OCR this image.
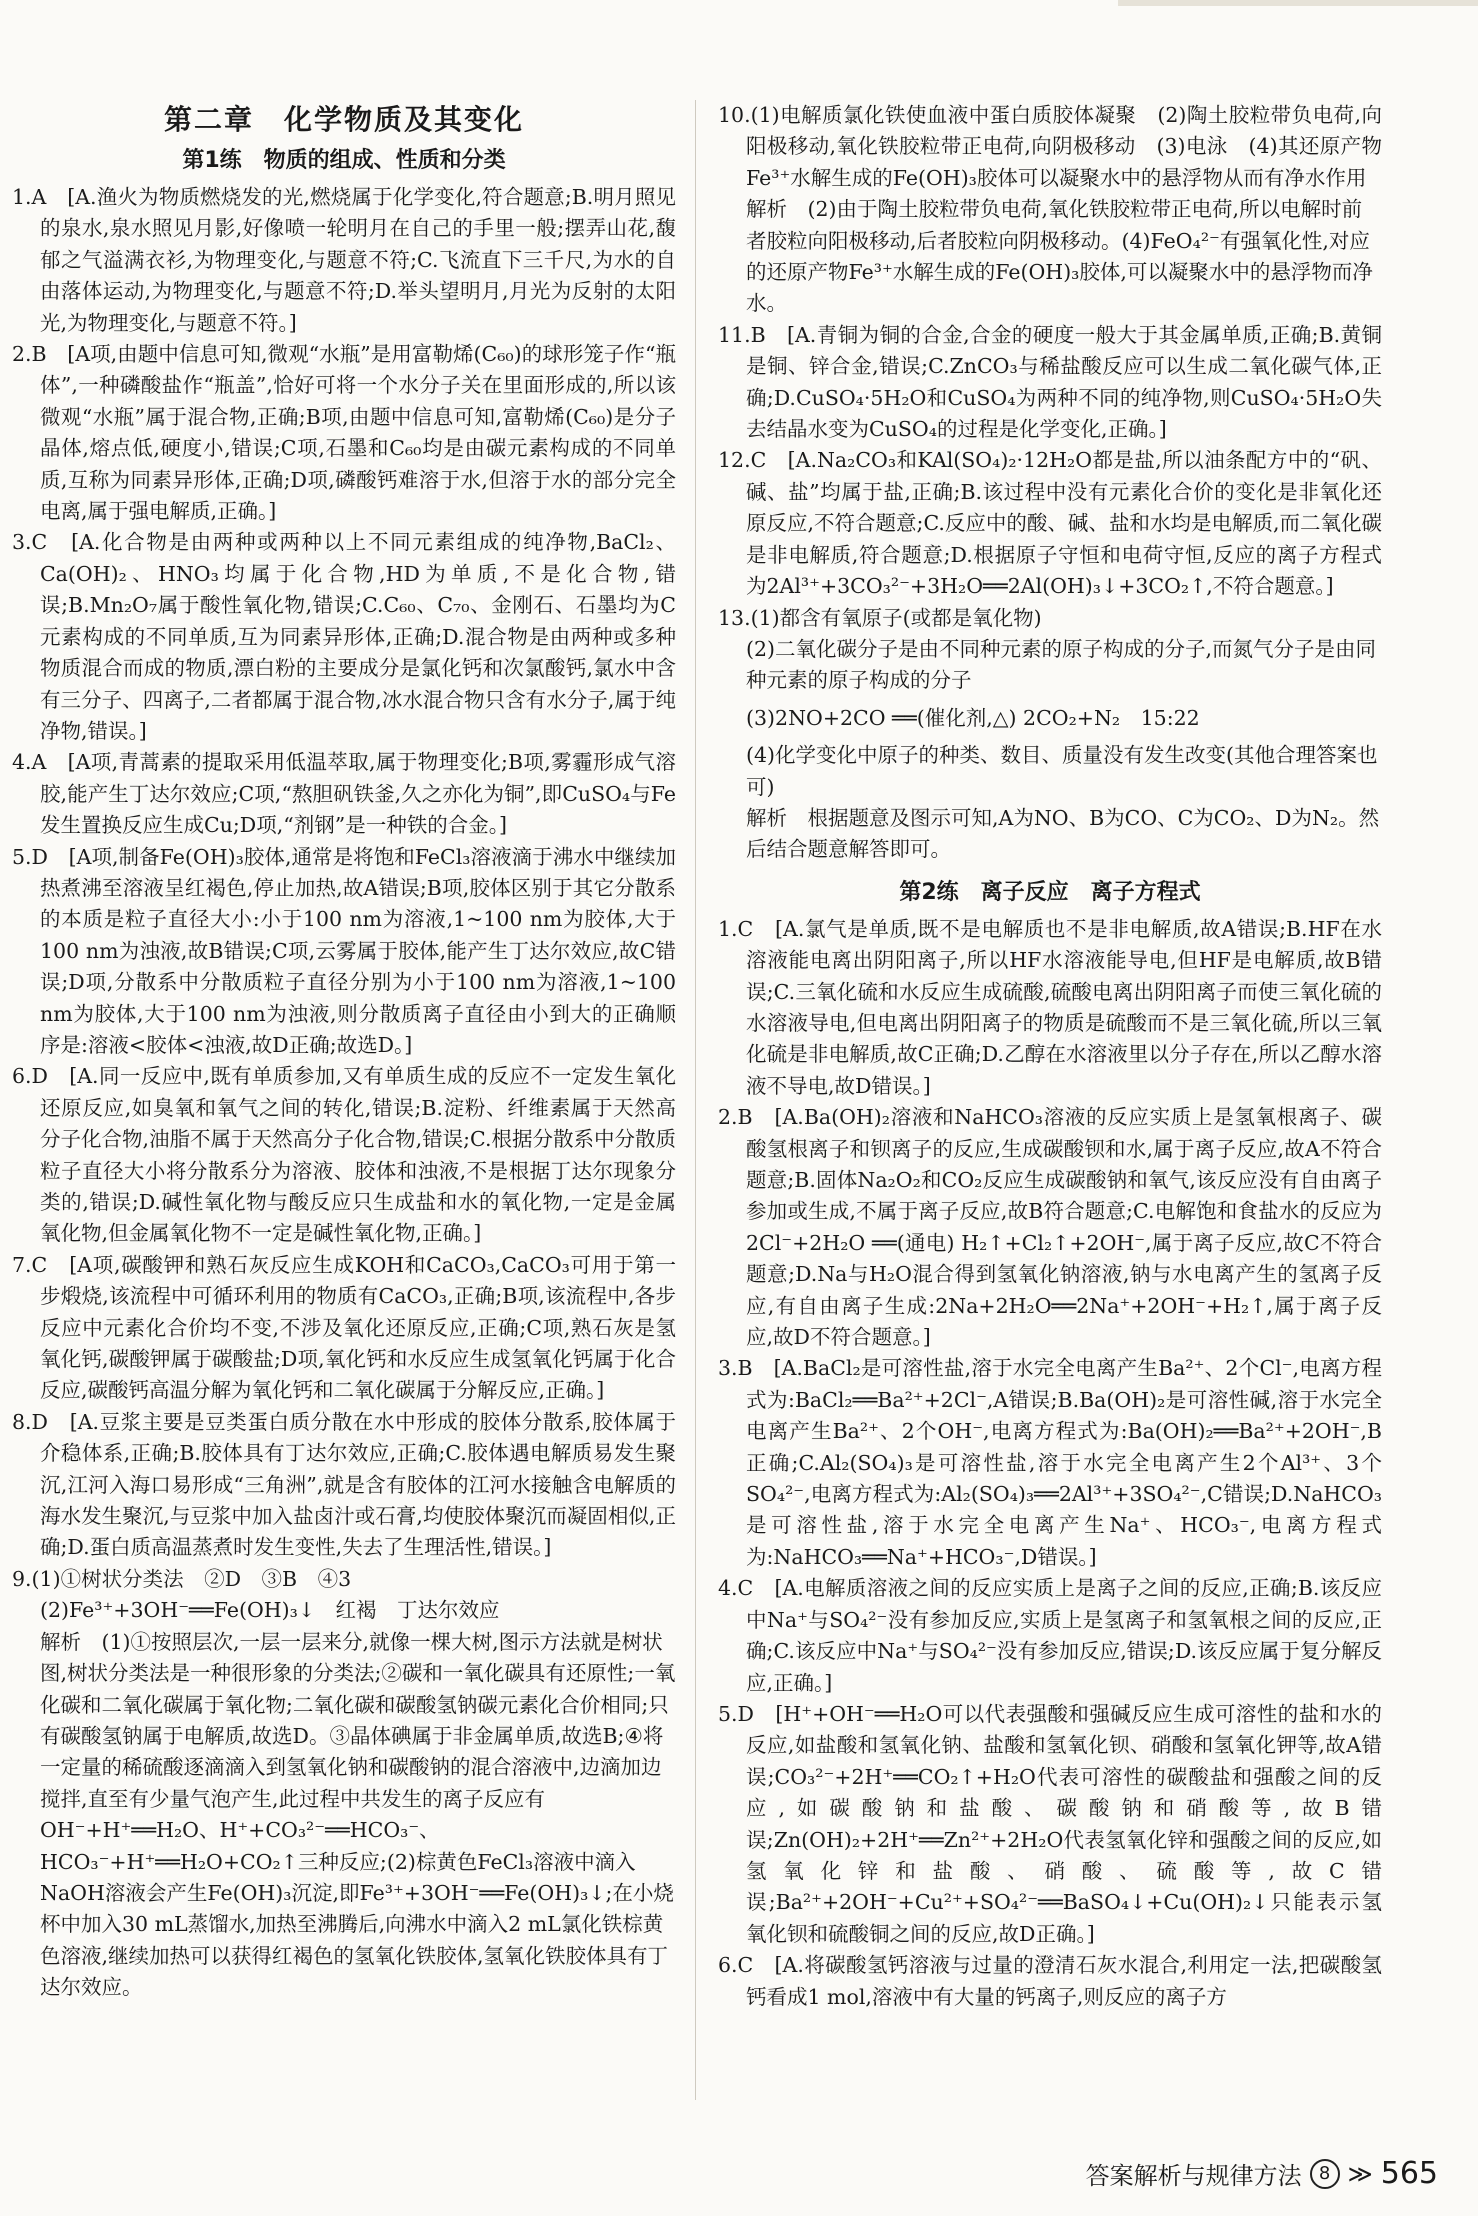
第二章　化学物质及其变化
第1练　物质的组成、性质和分类

1.A　[A.渔火为物质燃烧发的光,燃烧属于化学变化,符合题意;B.明月照见的泉水,泉水照见月影,好像喷一轮明月在自己的手里一般;摆弄山花,馥郁之气溢满衣衫,为物理变化,与题意不符;C.飞流直下三千尺,为水的自由落体运动,为物理变化,与题意不符;D.举头望明月,月光为反射的太阳光,为物理变化,与题意不符。]

2.B　[A项,由题中信息可知,微观“水瓶”是用富勒烯(C₆₀)的球形笼子作“瓶体”,一种磷酸盐作“瓶盖”,恰好可将一个水分子关在里面形成的,所以该微观“水瓶”属于混合物,正确;B项,由题中信息可知,富勒烯(C₆₀)是分子晶体,熔点低,硬度小,错误;C项,石墨和C₆₀均是由碳元素构成的不同单质,互称为同素异形体,正确;D项,磷酸钙难溶于水,但溶于水的部分完全电离,属于强电解质,正确。]

3.C　[A.化合物是由两种或两种以上不同元素组成的纯净物,BaCl₂、Ca(OH)₂、HNO₃均属于化合物,HD为单质,不是化合物,错误;B.Mn₂O₇属于酸性氧化物,错误;C.C₆₀、C₇₀、金刚石、石墨均为C元素构成的不同单质,互为同素异形体,正确;D.混合物是由两种或多种物质混合而成的物质,漂白粉的主要成分是氯化钙和次氯酸钙,氯水中含有三分子、四离子,二者都属于混合物,冰水混合物只含有水分子,属于纯净物,错误。]

4.A　[A项,青蒿素的提取采用低温萃取,属于物理变化;B项,雾霾形成气溶胶,能产生丁达尔效应;C项,“熬胆矾铁釜,久之亦化为铜”,即CuSO₄与Fe发生置换反应生成Cu;D项,“剂钢”是一种铁的合金。]

5.D　[A项,制备Fe(OH)₃胶体,通常是将饱和FeCl₃溶液滴于沸水中继续加热煮沸至溶液呈红褐色,停止加热,故A错误;B项,胶体区别于其它分散系的本质是粒子直径大小:小于100 nm为溶液,1~100 nm为胶体,大于100 nm为浊液,故B错误;C项,云雾属于胶体,能产生丁达尔效应,故C错误;D项,分散系中分散质粒子直径分别为小于100 nm为溶液,1~100 nm为胶体,大于100 nm为浊液,则分散质离子直径由小到大的正确顺序是:溶液<胶体<浊液,故D正确;故选D。]

6.D　[A.同一反应中,既有单质参加,又有单质生成的反应不一定发生氧化还原反应,如臭氧和氧气之间的转化,错误;B.淀粉、纤维素属于天然高分子化合物,油脂不属于天然高分子化合物,错误;C.根据分散系中分散质粒子直径大小将分散系分为溶液、胶体和浊液,不是根据丁达尔现象分类的,错误;D.碱性氧化物与酸反应只生成盐和水的氧化物,一定是金属氧化物,但金属氧化物不一定是碱性氧化物,正确。]

7.C　[A项,碳酸钾和熟石灰反应生成KOH和CaCO₃,CaCO₃可用于第一步煅烧,该流程中可循环利用的物质有CaCO₃,正确;B项,该流程中,各步反应中元素化合价均不变,不涉及氧化还原反应,正确;C项,熟石灰是氢氧化钙,碳酸钾属于碳酸盐;D项,氧化钙和水反应生成氢氧化钙属于化合反应,碳酸钙高温分解为氧化钙和二氧化碳属于分解反应,正确。]

8.D　[A.豆浆主要是豆类蛋白质分散在水中形成的胶体分散系,胶体属于介稳体系,正确;B.胶体具有丁达尔效应,正确;C.胶体遇电解质易发生聚沉,江河入海口易形成“三角洲”,就是含有胶体的江河水接触含电解质的海水发生聚沉,与豆浆中加入盐卤汁或石膏,均使胶体聚沉而凝固相似,正确;D.蛋白质高温蒸煮时发生变性,失去了生理活性,错误。]

9.(1)①树状分类法　②D　③B　④3

(2)Fe³⁺+3OH⁻══Fe(OH)₃↓　红褐　丁达尔效应

解析　(1)①按照层次,一层一层来分,就像一棵大树,图示方法就是树状图,树状分类法是一种很形象的分类法;②碳和一氧化碳具有还原性;一氧化碳和二氧化碳属于氧化物;二氧化碳和碳酸氢钠碳元素化合价相同;只有碳酸氢钠属于电解质,故选D。③晶体碘属于非金属单质,故选B;④将一定量的稀硫酸逐滴滴入到氢氧化钠和碳酸钠的混合溶液中,边滴加边搅拌,直至有少量气泡产生,此过程中共发生的离子反应有OH⁻+H⁺══H₂O、H⁺+CO₃²⁻══HCO₃⁻、HCO₃⁻+H⁺══H₂O+CO₂↑三种反应;(2)棕黄色FeCl₃溶液中滴入NaOH溶液会产生Fe(OH)₃沉淀,即Fe³⁺+3OH⁻══Fe(OH)₃↓;在小烧杯中加入30 mL蒸馏水,加热至沸腾后,向沸水中滴入2 mL氯化铁棕黄色溶液,继续加热可以获得红褐色的氢氧化铁胶体,氢氧化铁胶体具有丁达尔效应。

10.(1)电解质氯化铁使血液中蛋白质胶体凝聚　(2)陶土胶粒带负电荷,向阳极移动,氧化铁胶粒带正电荷,向阴极移动　(3)电泳　(4)其还原产物Fe³⁺水解生成的Fe(OH)₃胶体可以凝聚水中的悬浮物从而有净水作用

解析　(2)由于陶土胶粒带负电荷,氧化铁胶粒带正电荷,所以电解时前者胶粒向阳极移动,后者胶粒向阴极移动。(4)FeO₄²⁻有强氧化性,对应的还原产物Fe³⁺水解生成的Fe(OH)₃胶体,可以凝聚水中的悬浮物而净水。

11.B　[A.青铜为铜的合金,合金的硬度一般大于其金属单质,正确;B.黄铜是铜、锌合金,错误;C.ZnCO₃与稀盐酸反应可以生成二氧化碳气体,正确;D.CuSO₄·5H₂O和CuSO₄为两种不同的纯净物,则CuSO₄·5H₂O失去结晶水变为CuSO₄的过程是化学变化,正确。]

12.C　[A.Na₂CO₃和KAl(SO₄)₂·12H₂O都是盐,所以油条配方中的“矾、碱、盐”均属于盐,正确;B.该过程中没有元素化合价的变化是非氧化还原反应,不符合题意;C.反应中的酸、碱、盐和水均是电解质,而二氧化碳是非电解质,符合题意;D.根据原子守恒和电荷守恒,反应的离子方程式为2Al³⁺+3CO₃²⁻+3H₂O══2Al(OH)₃↓+3CO₂↑,不符合题意。]

13.(1)都含有氧原子(或都是氧化物)

(2)二氧化碳分子是由不同种元素的原子构成的分子,而氮气分子是由同种元素的原子构成的分子

(3)2NO+2CO ══(催化剂,△) 2CO₂+N₂　15:22

(4)化学变化中原子的种类、数目、质量没有发生改变(其他合理答案也可)

解析　根据题意及图示可知,A为NO、B为CO、C为CO₂、D为N₂。然后结合题意解答即可。

第2练　离子反应　离子方程式

1.C　[A.氯气是单质,既不是电解质也不是非电解质,故A错误;B.HF在水溶液能电离出阴阳离子,所以HF水溶液能导电,但HF是电解质,故B错误;C.三氧化硫和水反应生成硫酸,硫酸电离出阴阳离子而使三氧化硫的水溶液导电,但电离出阴阳离子的物质是硫酸而不是三氧化硫,所以三氧化硫是非电解质,故C正确;D.乙醇在水溶液里以分子存在,所以乙醇水溶液不导电,故D错误。]

2.B　[A.Ba(OH)₂溶液和NaHCO₃溶液的反应实质上是氢氧根离子、碳酸氢根离子和钡离子的反应,生成碳酸钡和水,属于离子反应,故A不符合题意;B.固体Na₂O₂和CO₂反应生成碳酸钠和氧气,该反应没有自由离子参加或生成,不属于离子反应,故B符合题意;C.电解饱和食盐水的反应为2Cl⁻+2H₂O ══(通电) H₂↑+Cl₂↑+2OH⁻,属于离子反应,故C不符合题意;D.Na与H₂O混合得到氢氧化钠溶液,钠与水电离产生的氢离子反应,有自由离子生成:2Na+2H₂O══2Na⁺+2OH⁻+H₂↑,属于离子反应,故D不符合题意。]

3.B　[A.BaCl₂是可溶性盐,溶于水完全电离产生Ba²⁺、2个Cl⁻,电离方程式为:BaCl₂══Ba²⁺+2Cl⁻,A错误;B.Ba(OH)₂是可溶性碱,溶于水完全电离产生Ba²⁺、2个OH⁻,电离方程式为:Ba(OH)₂══Ba²⁺+2OH⁻,B正确;C.Al₂(SO₄)₃是可溶性盐,溶于水完全电离产生2个Al³⁺、3个SO₄²⁻,电离方程式为:Al₂(SO₄)₃══2Al³⁺+3SO₄²⁻,C错误;D.NaHCO₃是可溶性盐,溶于水完全电离产生Na⁺、HCO₃⁻,电离方程式为:NaHCO₃══Na⁺+HCO₃⁻,D错误。]

4.C　[A.电解质溶液之间的反应实质上是离子之间的反应,正确;B.该反应中Na⁺与SO₄²⁻没有参加反应,实质上是氢离子和氢氧根之间的反应,正确;C.该反应中Na⁺与SO₄²⁻没有参加反应,错误;D.该反应属于复分解反应,正确。]

5.D　[H⁺+OH⁻══H₂O可以代表强酸和强碱反应生成可溶性的盐和水的反应,如盐酸和氢氧化钠、盐酸和氢氧化钡、硝酸和氢氧化钾等,故A错误;CO₃²⁻+2H⁺══CO₂↑+H₂O代表可溶性的碳酸盐和强酸之间的反应,如碳酸钠和盐酸、碳酸钠和硝酸等,故B错误;Zn(OH)₂+2H⁺══Zn²⁺+2H₂O代表氢氧化锌和强酸之间的反应,如氢氧化锌和盐酸、硝酸、硫酸等,故C错误;Ba²⁺+2OH⁻+Cu²⁺+SO₄²⁻══BaSO₄↓+Cu(OH)₂↓只能表示氢氧化钡和硫酸铜之间的反应,故D正确。]

6.C　[A.将碳酸氢钙溶液与过量的澄清石灰水混合,利用定一法,把碳酸氢钙看成1 mol,溶液中有大量的钙离子,则反应的离子方

答案解析与规律方法 8 ≫ 565
